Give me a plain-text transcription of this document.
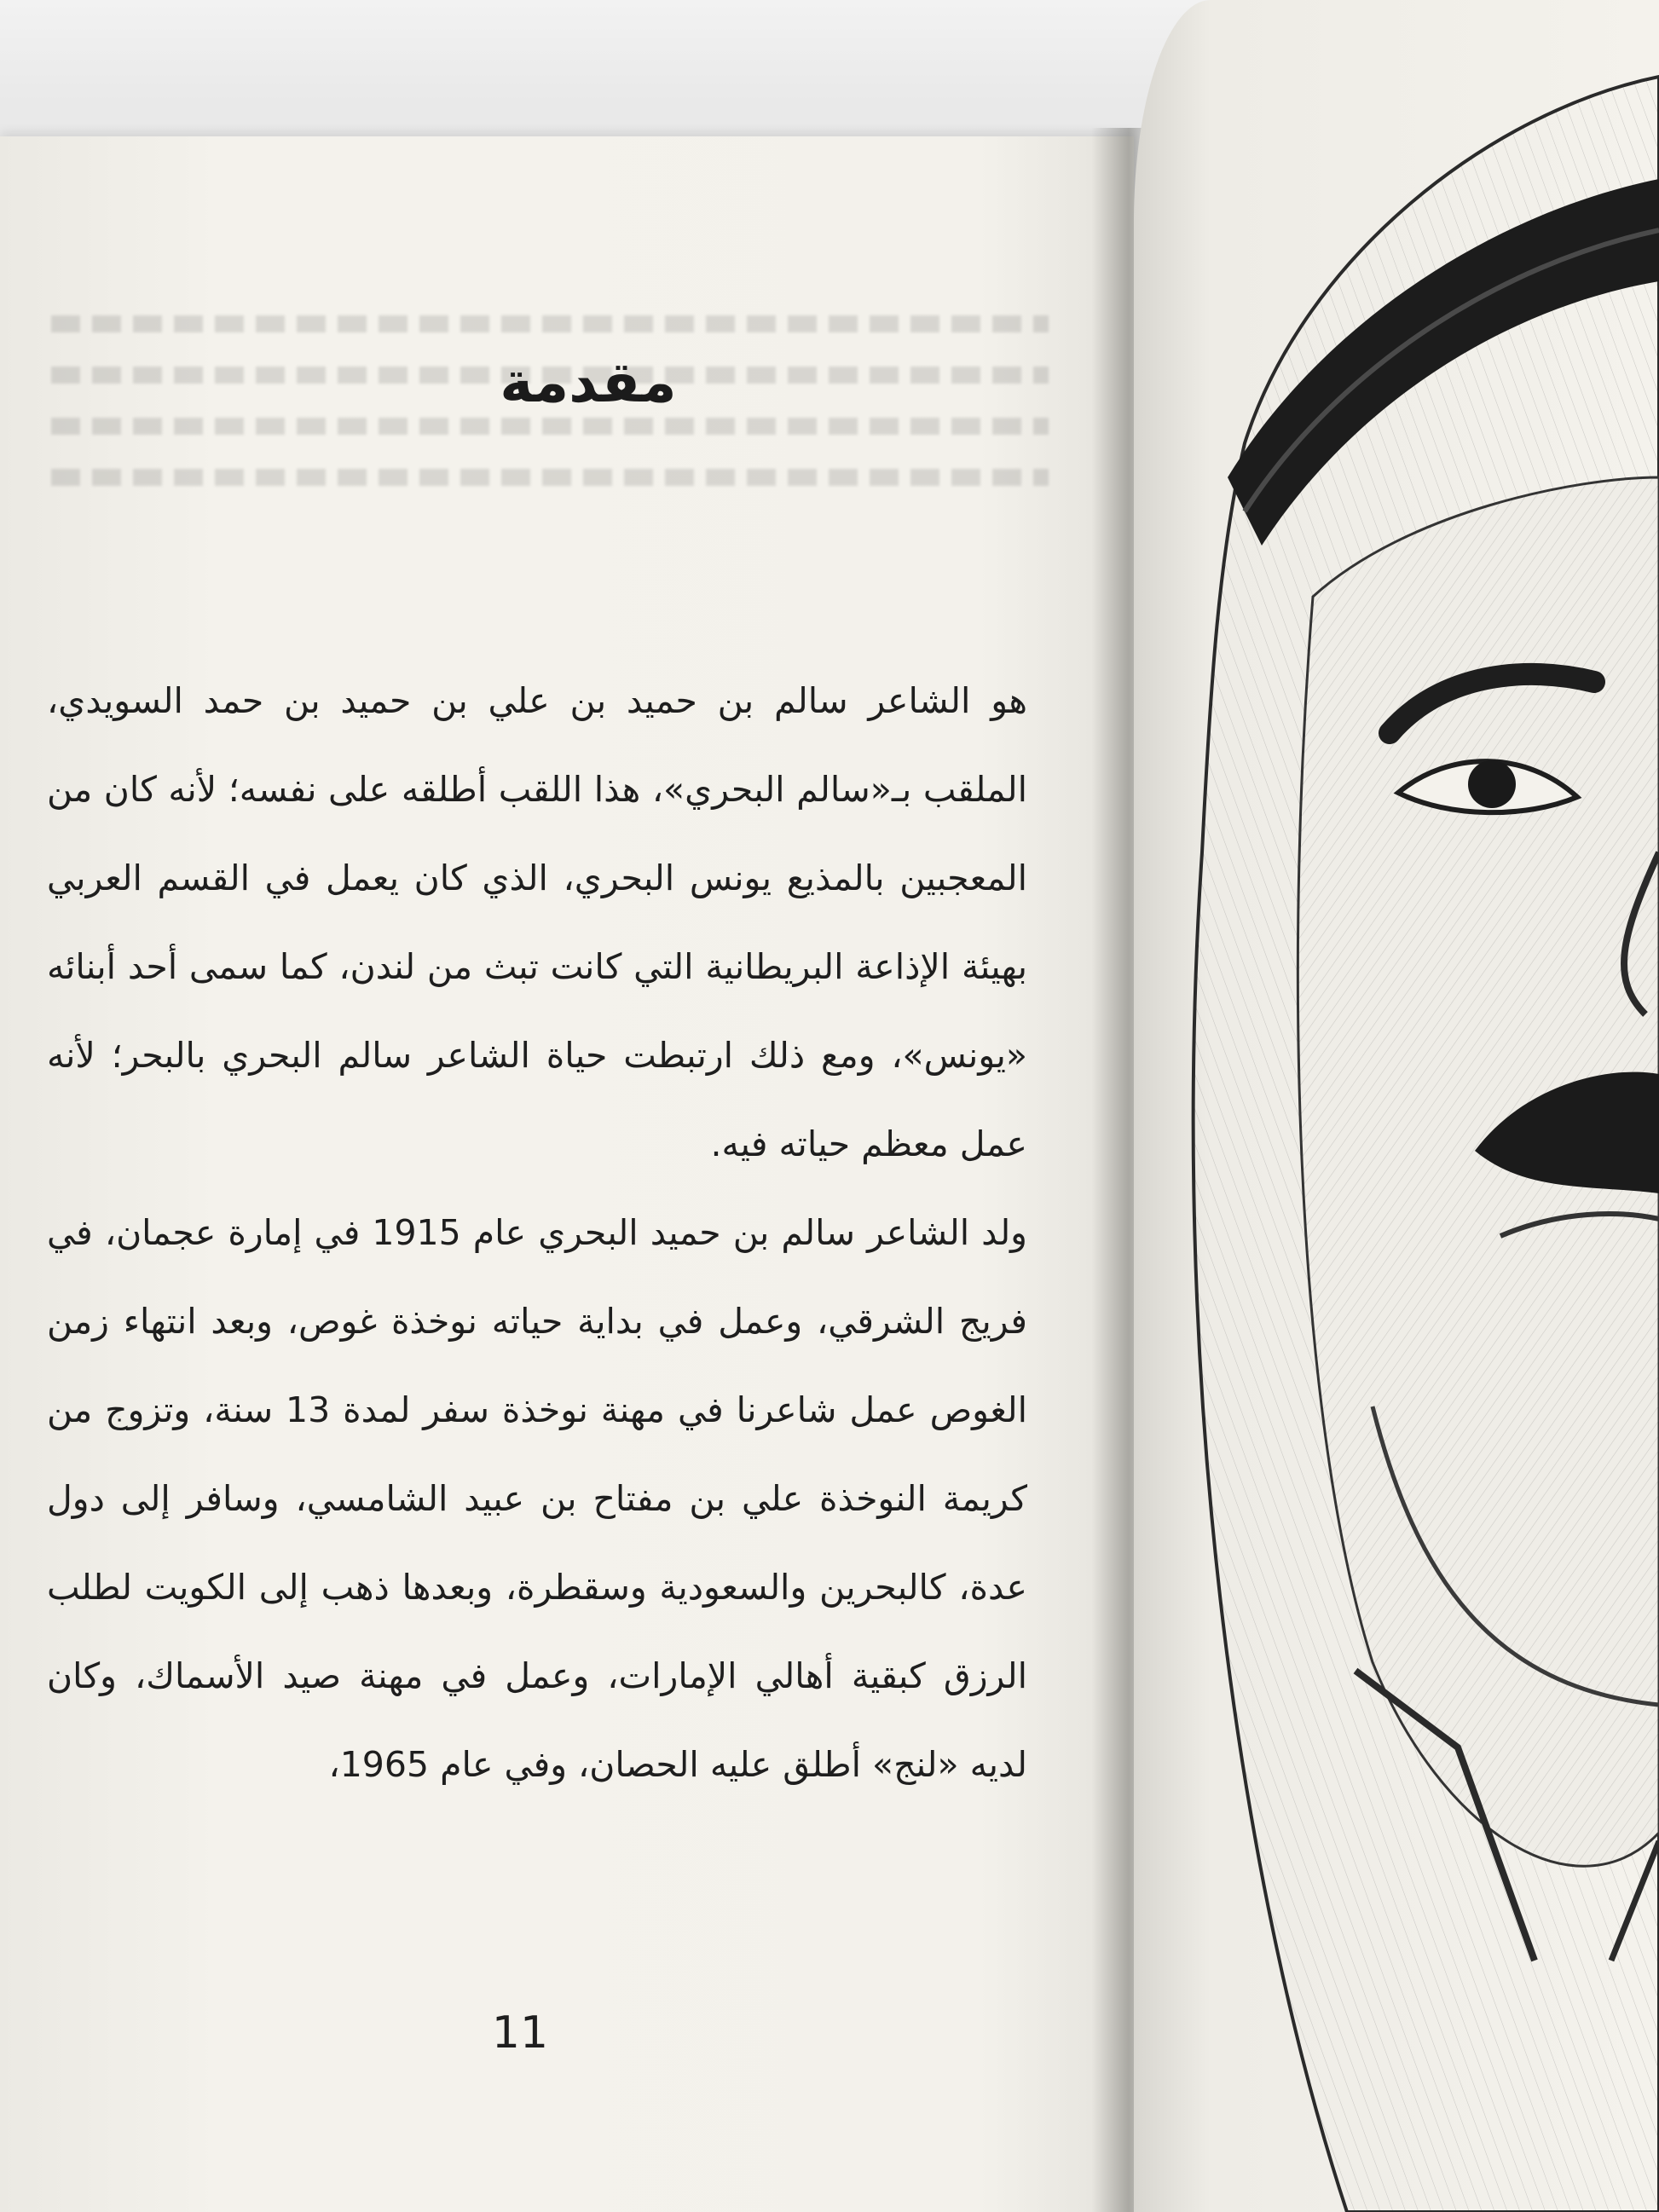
مقدمة

هو الشاعر سالم بن حميد بن علي بن حميد بن حمد السويدي، الملقب بـ«سالم البحري»، هذا اللقب أطلقه على نفسه؛ لأنه كان من المعجبين بالمذيع يونس البحري، الذي كان يعمل في القسم العربي بهيئة الإذاعة البريطانية التي كانت تبث من لندن، كما سمى أحد أبنائه «يونس»، ومع ذلك ارتبطت حياة الشاعر سالم البحري بالبحر؛ لأنه عمل معظم حياته فيه.

ولد الشاعر سالم بن حميد البحري عام 1915 في إمارة عجمان، في فريج الشرقي، وعمل في بداية حياته نوخذة غوص، وبعد انتهاء زمن الغوص عمل شاعرنا في مهنة نوخذة سفر لمدة 13 سنة، وتزوج من كريمة النوخذة علي بن مفتاح بن عبيد الشامسي، وسافر إلى دول عدة، كالبحرين والسعودية وسقطرة، وبعدها ذهب إلى الكويت لطلب الرزق كبقية أهالي الإمارات، وعمل في مهنة صيد الأسماك، وكان لديه «لنج» أطلق عليه الحصان، وفي عام 1965،

11
